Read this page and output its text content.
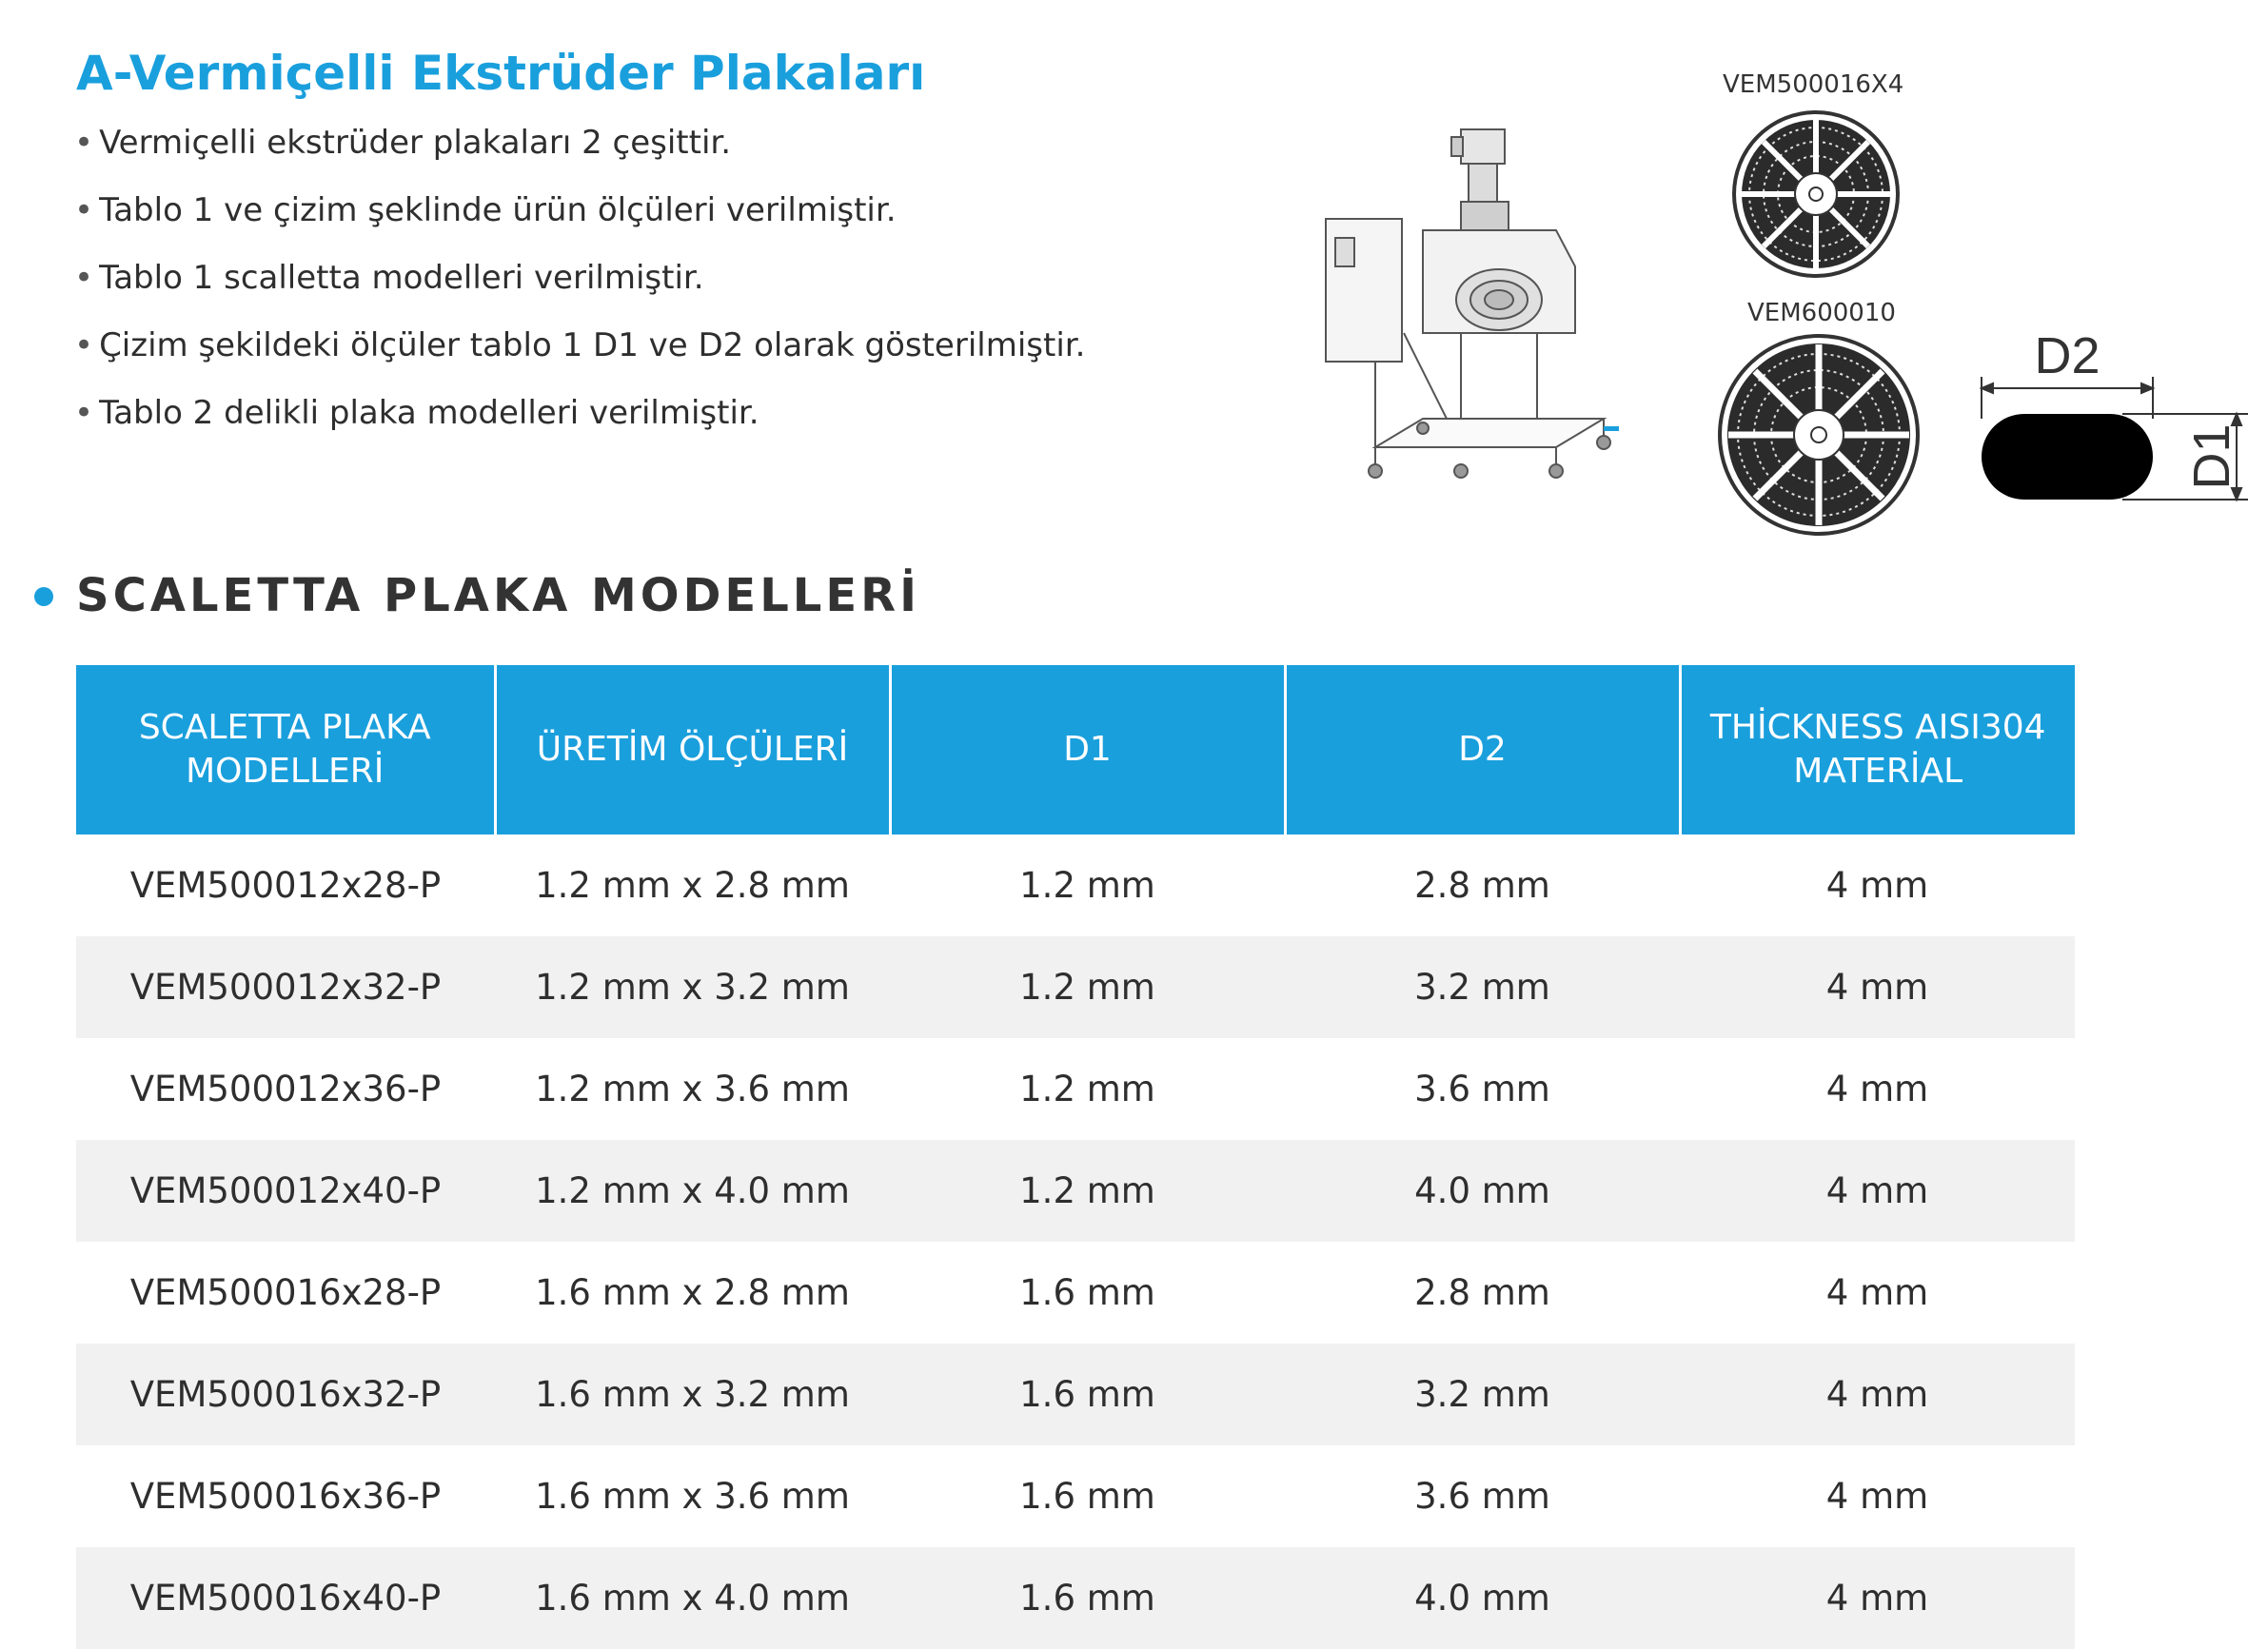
A-Vermiçelli Ekstrüder Plakaları
• Vermiçelli ekstrüder plakaları 2 çeşittir.
• Tablo 1 ve çizim şeklinde ürün ölçüleri verilmiştir.
• Tablo 1 scalletta modelleri verilmiştir.
• Çizim şekildeki ölçüler tablo 1 D1 ve D2 olarak gösterilmiştir.
• Tablo 2 delikli plaka modelleri verilmiştir.
VEM500016X4
VEM600010
D2
D1
SCALETTA PLAKA MODELLERİ
SCALETTA PLAKA MODELLERİ	ÜRETİM ÖLÇÜLERİ	D1	D2	THİCKNESS AISI304 MATERİAL
VEM500012x28-P	1.2 mm x 2.8 mm	1.2 mm	2.8 mm	4 mm
VEM500012x32-P	1.2 mm x 3.2 mm	1.2 mm	3.2 mm	4 mm
VEM500012x36-P	1.2 mm x 3.6 mm	1.2 mm	3.6 mm	4 mm
VEM500012x40-P	1.2 mm x 4.0 mm	1.2 mm	4.0 mm	4 mm
VEM500016x28-P	1.6 mm x 2.8 mm	1.6 mm	2.8 mm	4 mm
VEM500016x32-P	1.6 mm x 3.2 mm	1.6 mm	3.2 mm	4 mm
VEM500016x36-P	1.6 mm x 3.6 mm	1.6 mm	3.6 mm	4 mm
VEM500016x40-P	1.6 mm x 4.0 mm	1.6 mm	4.0 mm	4 mm
